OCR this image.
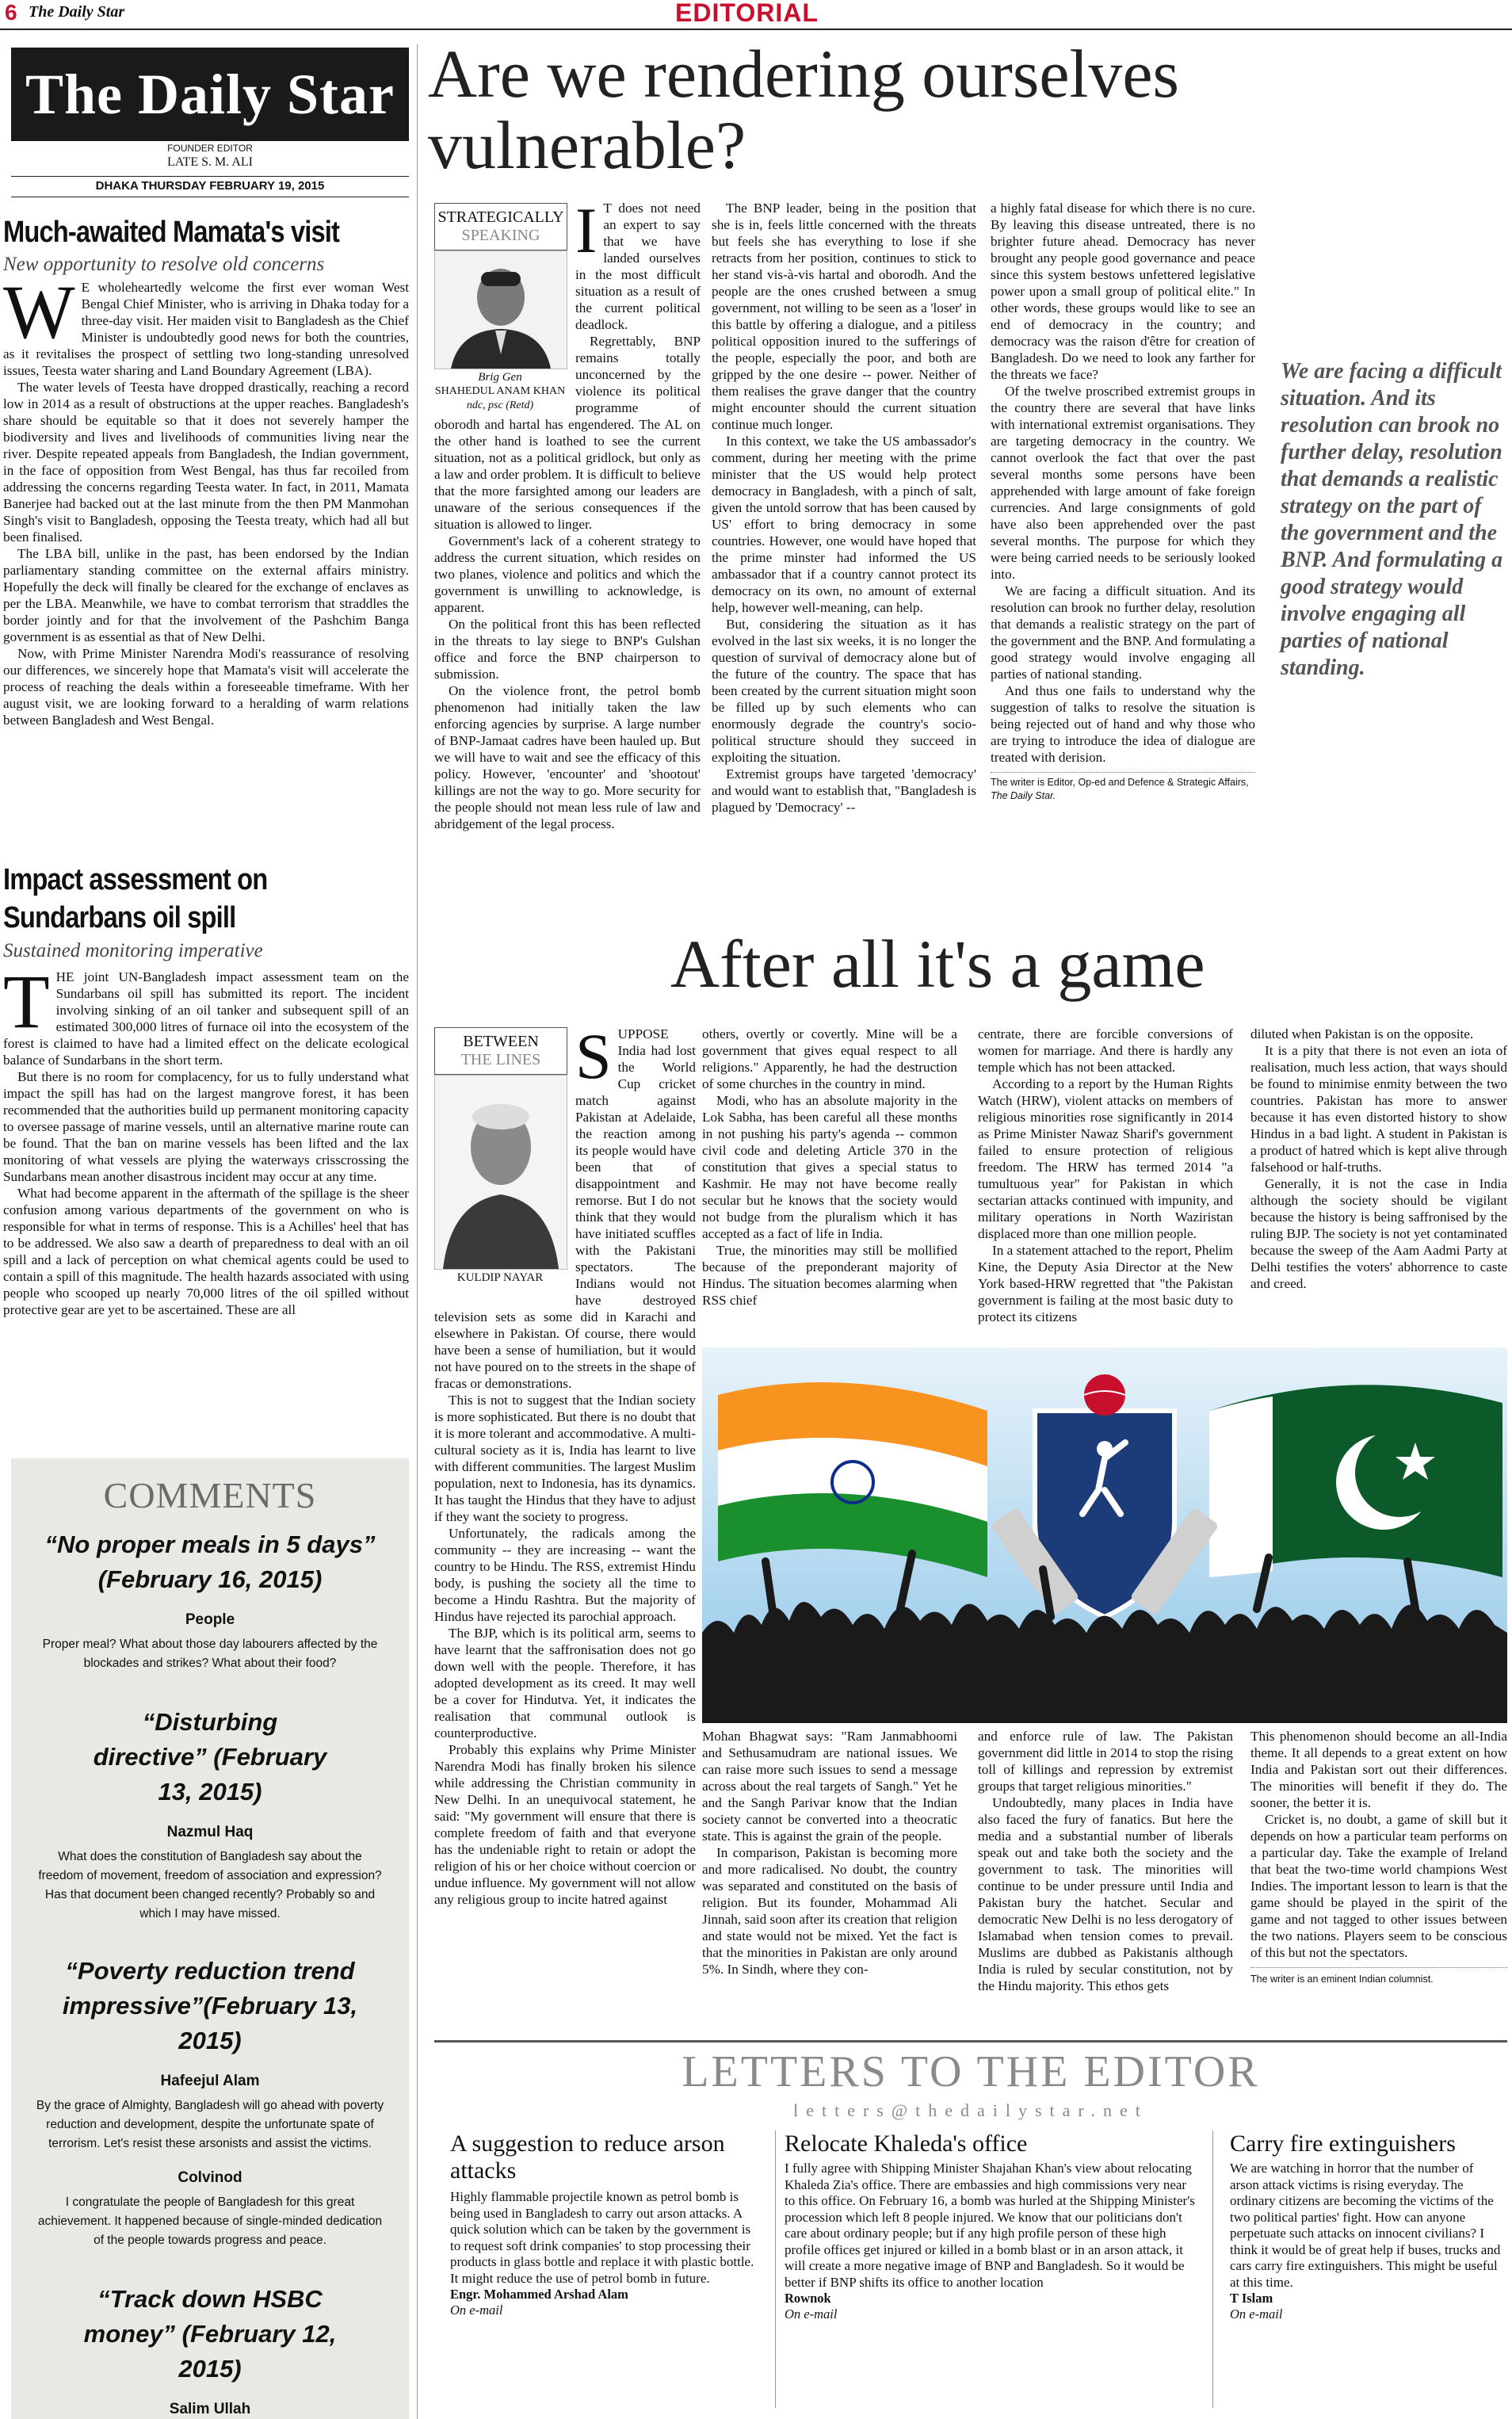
6 The Daily Star	EDITORIAL
The Daily Star
FOUNDER EDITOR
LATE S. M. ALI
DHAKA THURSDAY FEBRUARY 19, 2015
Much-awaited Mamata's visit
New opportunity to resolve old concerns
W E wholeheartedly welcome the first ever woman West Bengal Chief Minister, who is arriving in Dhaka today for a three-day visit. Her maiden visit to Bangladesh as the Chief Minister is undoubtedly good news for both the countries, as it revitalises the prospect of settling two long-standing unresolved issues, Teesta water sharing and Land Boundary Agreement (LBA).

The water levels of Teesta have dropped drastically, reaching a record low in 2014 as a result of obstructions at the upper reaches. Bangladesh's share should be equitable so that it does not severely hamper the biodiversity and lives and livelihoods of communities living near the river. Despite repeated appeals from Bangladesh, the Indian government, in the face of opposition from West Bengal, has thus far recoiled from addressing the concerns regarding Teesta water. In fact, in 2011, Mamata Banerjee had backed out at the last minute from the then PM Manmohan Singh's visit to Bangladesh, opposing the Teesta treaty, which had all but been finalised.

The LBA bill, unlike in the past, has been endorsed by the Indian parliamentary standing committee on the external affairs ministry. Hopefully the deck will finally be cleared for the exchange of enclaves as per the LBA. Meanwhile, we have to combat terrorism that straddles the border jointly and for that the involvement of the Pashchim Banga government is as essential as that of New Delhi.

Now, with Prime Minister Narendra Modi's reassurance of resolving our differences, we sincerely hope that Mamata's visit will accelerate the process of reaching the deals within a foreseeable timeframe. With her august visit, we are looking forward to a heralding of warm relations between Bangladesh and West Bengal.

Impact assessment on
Sundarbans oil spill
Sustained monitoring imperative
T HE joint UN-Bangladesh impact assessment team on the Sundarbans oil spill has submitted its report. The incident involving sinking of an oil tanker and subsequent spill of an estimated 300,000 litres of furnace oil into the ecosystem of the forest is claimed to have had a limited effect on the delicate ecological balance of Sundarbans in the short term.

But there is no room for complacency, for us to fully understand what impact the spill has had on the largest mangrove forest, it has been recommended that the authorities build up permanent monitoring capacity to oversee passage of marine vessels, until an alternative marine route can be found. That the ban on marine vessels has been lifted and the lax monitoring of what vessels are plying the waterways crisscrossing the Sundarbans mean another disastrous incident may occur at any time.

What had become apparent in the aftermath of the spillage is the sheer confusion among various departments of the government on who is responsible for what in terms of response. This is a Achilles' heel that has to be addressed. We also saw a dearth of preparedness to deal with an oil spill and a lack of perception on what chemical agents could be used to contain a spill of this magnitude. The health hazards associated with using people who scooped up nearly 70,000 litres of the oil spilled without protective gear are yet to be ascertained. These are all

COMMENTS
“No proper meals in 5 days” (February 16, 2015)
People
Proper meal? What about those day labourers affected by the blockades and strikes? What about their food?
“Disturbing directive” (February 13, 2015)
Nazmul Haq
What does the constitution of Bangladesh say about the freedom of movement, freedom of association and expression? Has that document been changed recently? Probably so and which I may have missed.
“Poverty reduction trend impressive”(February 13, 2015)
Hafeejul Alam
By the grace of Almighty, Bangladesh will go ahead with poverty reduction and development, despite the unfortunate spate of terrorism. Let's resist these arsonists and assist the victims.
Colvinod
I congratulate the people of Bangladesh for this great achievement. It happened because of single-minded dedication of the people towards progress and peace.
“Track down HSBC money” (February 12, 2015)
Salim Ullah
Are we rendering ourselves
vulnerable?
STRATEGICALLY
SPEAKING
Brig Gen
SHAHEDUL ANAM KHAN
ndc, psc (Retd)
I T does not need an expert to say that we have landed ourselves in the most difficult situation as a result of the current political deadlock.

Regrettably, BNP remains totally unconcerned by the violence its political programme of oborodh and hartal has engendered. The AL on the other hand is loathed to see the current situation, not as a political gridlock, but only as a law and order problem. It is difficult to believe that the more farsighted among our leaders are unaware of the serious consequences if the situation is allowed to linger.

Government's lack of a coherent strategy to address the current situation, which resides on two planes, violence and politics and which the government is unwilling to acknowledge, is apparent.

On the political front this has been reflected in the threats to lay siege to BNP's Gulshan office and force the BNP chairperson to submission.

On the violence front, the petrol bomb phenomenon had initially taken the law enforcing agencies by surprise. A large number of BNP-Jamaat cadres have been hauled up. But we will have to wait and see the efficacy of this policy. However, 'encounter' and 'shootout' killings are not the way to go. More security for the people should not mean less rule of law and abridgement of the legal process.

The BNP leader, being in the position that she is in, feels little concerned with the threats but feels she has everything to lose if she retracts from her position, continues to stick to her stand vis-à-vis hartal and oborodh. And the people are the ones crushed between a smug government, not willing to be seen as a 'loser' in this battle by offering a dialogue, and a pitiless political opposition inured to the sufferings of the people, especially the poor, and both are gripped by the one desire -- power. Neither of them realises the grave danger that the country might encounter should the current situation continue much longer.

In this context, we take the US ambassador's comment, during her meeting with the prime minister that the US would help protect democracy in Bangladesh, with a pinch of salt, given the untold sorrow that has been caused by US' effort to bring democracy in some countries. However, one would have hoped that the prime minster had informed the US ambassador that if a country cannot protect its democracy on its own, no amount of external help, however well-meaning, can help.

But, considering the situation as it has evolved in the last six weeks, it is no longer the question of survival of democracy alone but of the future of the country. The space that has been created by the current situation might soon be filled up by such elements who can enormously degrade the country's socio-political structure should they succeed in exploiting the situation.

Extremist groups have targeted 'democracy' and would want to establish that, "Bangladesh is plagued by 'Democracy' --

a highly fatal disease for which there is no cure. By leaving this disease untreated, there is no brighter future ahead. Democracy has never brought any people good governance and peace since this system bestows unfettered legislative power upon a small group of political elite." In other words, these groups would like to see an end of democracy in the country; and democracy was the raison d'être for creation of Bangladesh. Do we need to look any farther for the threats we face?

Of the twelve proscribed extremist groups in the country there are several that have links with international extremist organisations. They are targeting democracy in the country. We cannot overlook the fact that over the past several months some persons have been apprehended with large amount of fake foreign currencies. And large consignments of gold have also been apprehended over the past several months. The purpose for which they were being carried needs to be seriously looked into.

We are facing a difficult situation. And its resolution can brook no further delay, resolution that demands a realistic strategy on the part of the government and the BNP. And formulating a good strategy would involve engaging all parties of national standing.

And thus one fails to understand why the suggestion of talks to resolve the situation is being rejected out of hand and why those who are trying to introduce the idea of dialogue are treated with derision.

The writer is Editor, Op-ed and Defence & Strategic Affairs, The Daily Star.
We are facing a difficult situation. And its resolution can brook no further delay, resolution that demands a realistic strategy on the part of the government and the BNP. And formulating a good strategy would involve engaging all parties of national standing.
After all it's a game
BETWEEN
THE LINES
KULDIP NAYAR
S UPPOSE India had lost the World Cup cricket match against Pakistan at Adelaide, the reaction among its people would have been that of disappointment and remorse. But I do not think that they would have initiated scuffles with the Pakistani spectators. The Indians would not have destroyed television sets as some did in Karachi and elsewhere in Pakistan. Of course, there would have been a sense of humiliation, but it would not have poured on to the streets in the shape of fracas or demonstrations.

This is not to suggest that the Indian society is more sophisticated. But there is no doubt that it is more tolerant and accommodative. A multi-cultural society as it is, India has learnt to live with different communities. The largest Muslim population, next to Indonesia, has its dynamics. It has taught the Hindus that they have to adjust if they want the society to progress.

Unfortunately, the radicals among the community -- they are increasing -- want the country to be Hindu. The RSS, extremist Hindu body, is pushing the society all the time to become a Hindu Rashtra. But the majority of Hindus have rejected its parochial approach.

The BJP, which is its political arm, seems to have learnt that the saffronisation does not go down well with the people. Therefore, it has adopted development as its creed. It may well be a cover for Hindutva. Yet, it indicates the realisation that communal outlook is counterproductive.

Probably this explains why Prime Minister Narendra Modi has finally broken his silence while addressing the Christian community in New Delhi. In an unequivocal statement, he said: "My government will ensure that there is complete freedom of faith and that everyone has the undeniable right to retain or adopt the religion of his or her choice without coercion or undue influence. My government will not allow any religious group to incite hatred against

others, overtly or covertly. Mine will be a government that gives equal respect to all religions." Apparently, he had the destruction of some churches in the country in mind.

Modi, who has an absolute majority in the Lok Sabha, has been careful all these months in not pushing his party's agenda -- common civil code and deleting Article 370 in the constitution that gives a special status to Kashmir. He may not have become really secular but he knows that the society would not budge from the pluralism which it has accepted as a fact of life in India.

True, the minorities may still be mollified because of the preponderant majority of Hindus. The situation becomes alarming when RSS chief

centrate, there are forcible conversions of women for marriage. And there is hardly any temple which has not been attacked.

According to a report by the Human Rights Watch (HRW), violent attacks on members of religious minorities rose significantly in 2014 as Prime Minister Nawaz Sharif's government failed to ensure protection of religious freedom. The HRW has termed 2014 "a tumultuous year" for Pakistan in which sectarian attacks continued with impunity, and military operations in North Waziristan displaced more than one million people.

In a statement attached to the report, Phelim Kine, the Deputy Asia Director at the New York based-HRW regretted that "the Pakistan government is failing at the most basic duty to protect its citizens

diluted when Pakistan is on the opposite.

It is a pity that there is not even an iota of realisation, much less action, that ways should be found to minimise enmity between the two countries. Pakistan has more to answer because it has even distorted history to show Hindus in a bad light. A student in Pakistan is a product of hatred which is kept alive through falsehood or half-truths.

Generally, it is not the case in India although the society should be vigilant because the history is being saffronised by the ruling BJP. The society is not yet contaminated because the sweep of the Aam Aadmi Party at Delhi testifies the voters' abhorrence to caste and creed.

Mohan Bhagwat says: "Ram Janmabhoomi and Sethusamudram are national issues. We can raise more such issues to send a message across about the real targets of Sangh." Yet he and the Sangh Parivar know that the Indian society cannot be converted into a theocratic state. This is against the grain of the people.

In comparison, Pakistan is becoming more and more radicalised. No doubt, the country was separated and constituted on the basis of religion. But its founder, Mohammad Ali Jinnah, said soon after its creation that religion and state would not be mixed. Yet the fact is that the minorities in Pakistan are only around 5%. In Sindh, where they con-

and enforce rule of law. The Pakistan government did little in 2014 to stop the rising toll of killings and repression by extremist groups that target religious minorities."

Undoubtedly, many places in India have also faced the fury of fanatics. But here the media and a substantial number of liberals speak out and take both the society and the government to task. The minorities will continue to be under pressure until India and Pakistan bury the hatchet. Secular and democratic New Delhi is no less derogatory of Islamabad when tension comes to prevail. Muslims are dubbed as Pakistanis although India is ruled by secular constitution, not by the Hindu majority. This ethos gets

This phenomenon should become an all-India theme. It all depends to a great extent on how India and Pakistan sort out their differences. The minorities will benefit if they do. The sooner, the better it is.

Cricket is, no doubt, a game of skill but it depends on how a particular team performs on a particular day. Take the example of Ireland that beat the two-time world champions West Indies. The important lesson to learn is that the game should be played in the spirit of the game and not tagged to other issues between the two nations. Players seem to be conscious of this but not the spectators.

The writer is an eminent Indian columnist.
LETTERS TO THE EDITOR
letters@thedailystar.net
A suggestion to reduce arson attacks
Highly flammable projectile known as petrol bomb is being used in Bangladesh to carry out arson attacks. A quick solution which can be taken by the government is to request soft drink companies' to stop processing their products in glass bottle and replace it with plastic bottle. It might reduce the use of petrol bomb in future.
Engr. Mohammed Arshad Alam
On e-mail
Relocate Khaleda's office
I fully agree with Shipping Minister Shajahan Khan's view about relocating Khaleda Zia's office. There are embassies and high commissions very near to this office. On February 16, a bomb was hurled at the Shipping Minister's procession which left 8 people injured. We know that our politicians don't care about ordinary people; but if any high profile person of these high profile offices get injured or killed in a bomb blast or in an arson attack, it will create a more negative image of BNP and Bangladesh. So it would be better if BNP shifts its office to another location
Rownok
On e-mail
Carry fire extinguishers
We are watching in horror that the number of arson attack victims is rising everyday. The ordinary citizens are becoming the victims of the two political parties' fight. How can anyone perpetuate such attacks on innocent civilians? I think it would be of great help if buses, trucks and cars carry fire extinguishers. This might be useful at this time.
T Islam
On e-mail
